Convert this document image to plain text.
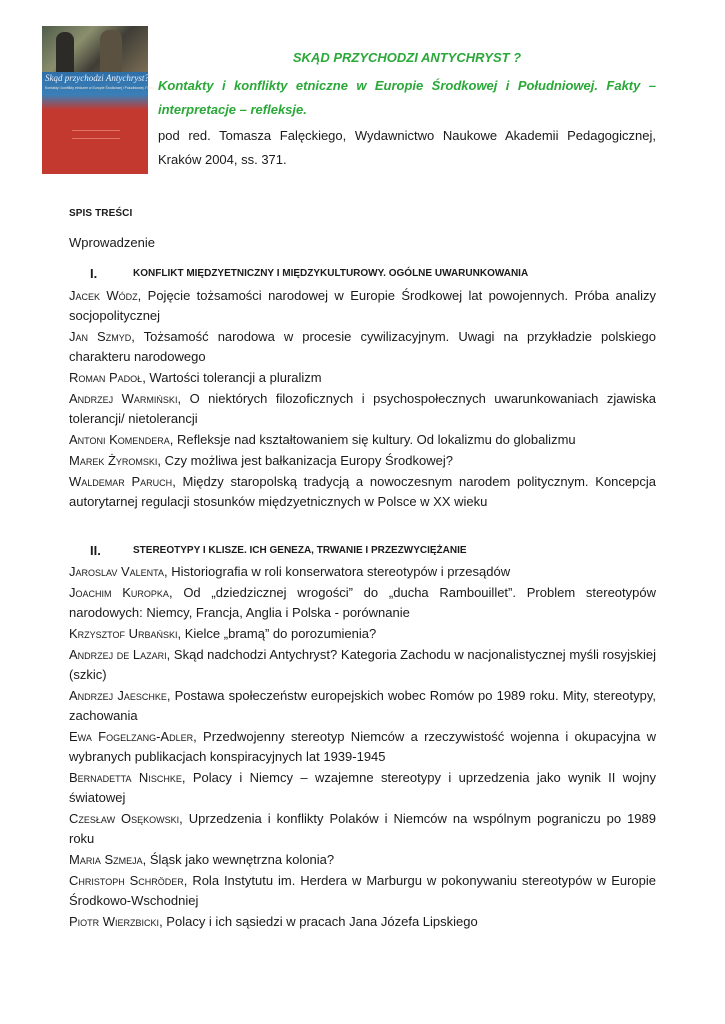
Skąd przychodzi Antychryst?
Kontakty i konflikty etniczne w Europie Środkowej i Południowej. Fakty – interpretacje – refleksje

SKĄD PRZYCHODZI ANTYCHRYST ?

Kontakty i konflikty etniczne w Europie Środkowej i Południowej. Fakty – interpretacje – refleksje.

pod red. Tomasza Falęckiego, Wydawnictwo Naukowe Akademii Pedagogicznej, Kraków 2004, ss. 371.

SPIS TREŚCI
Wprowadzenie
I.	KONFLIKT MIĘDZYETNICZNY I MIĘDZYKULTUROWY. OGÓLNE UWARUNKOWANIA

Jacek Wódz, Pojęcie tożsamości narodowej w Europie Środkowej lat powojennych. Próba analizy socjopolitycznej

Jan Szmyd, Tożsamość narodowa w procesie cywilizacyjnym. Uwagi na przykładzie polskiego charakteru narodowego

Roman Padoł, Wartości tolerancji a pluralizm

Andrzej Warmiński, O niektórych filozoficznych i psychospołecznych uwarunkowaniach zjawiska tolerancji/ nietolerancji

Antoni Komendera, Refleksje nad kształtowaniem się kultury. Od lokalizmu do globalizmu

Marek Żyromski, Czy możliwa jest bałkanizacja Europy Środkowej?

Waldemar Paruch, Między staropolską tradycją a nowoczesnym narodem politycznym. Koncepcja autorytarnej regulacji stosunków międzyetnicznych w Polsce w XX wieku

II.	STEREOTYPY I KLISZE. ICH GENEZA, TRWANIE I PRZEZWYCIĘŻANIE

Jaroslav Valenta, Historiografia w roli konserwatora stereotypów i przesądów

Joachim Kuropka, Od „dziedzicznej wrogości” do „ducha Rambouillet”. Problem stereotypów narodowych: Niemcy, Francja, Anglia i Polska - porównanie

Krzysztof Urbański, Kielce „bramą” do porozumienia?

Andrzej de Lazari, Skąd nadchodzi Antychryst? Kategoria Zachodu w nacjonalistycznej myśli rosyjskiej (szkic)

Andrzej Jaeschke, Postawa społeczeństw europejskich wobec Romów po 1989 roku. Mity, stereotypy, zachowania

Ewa Fogelzang-Adler, Przedwojenny stereotyp Niemców a rzeczywistość wojenna i okupacyjna w wybranych publikacjach konspiracyjnych lat 1939-1945

Bernadetta Nischke, Polacy i Niemcy – wzajemne stereotypy i uprzedzenia jako wynik II wojny światowej

Czesław Osękowski, Uprzedzenia i konflikty Polaków i Niemców na wspólnym pograniczu po 1989 roku

Maria Szmeja, Śląsk jako wewnętrzna kolonia?

Christoph Schröder, Rola Instytutu im. Herdera w Marburgu w pokonywaniu stereotypów w Europie Środkowo-Wschodniej

Piotr Wierzbicki, Polacy i ich sąsiedzi w pracach Jana Józefa Lipskiego
